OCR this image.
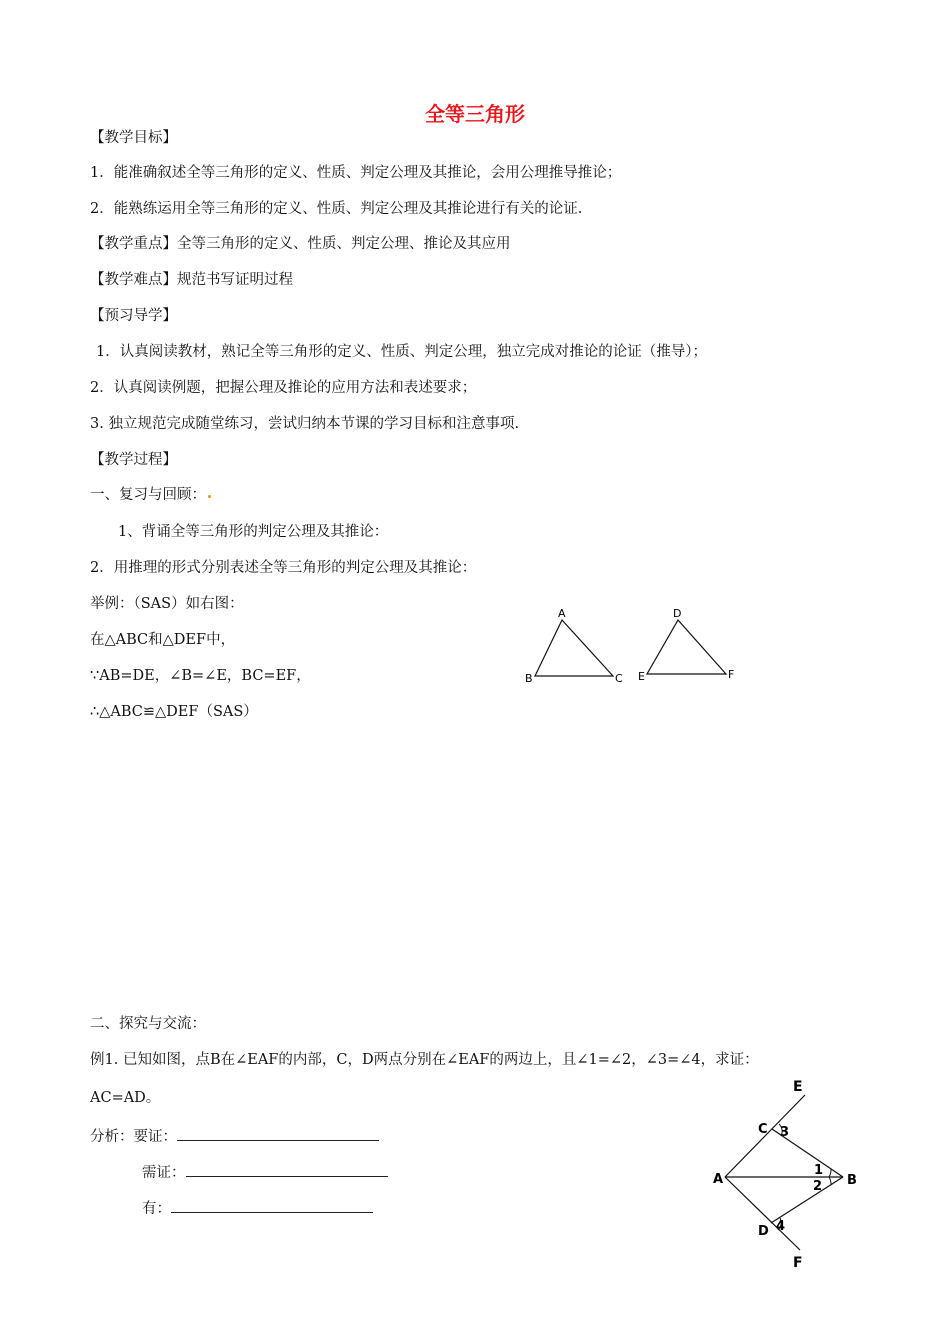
全等三角形
【教学目标】
1．能准确叙述全等三角形的定义、性质、判定公理及其推论，会用公理推导推论；
2．能熟练运用全等三角形的定义、性质、判定公理及其推论进行有关的论证.
【教学重点】全等三角形的定义、性质、判定公理、推论及其应用
【教学难点】规范书写证明过程
【预习导学】
1．认真阅读教材，熟记全等三角形的定义、性质、判定公理，独立完成对推论的论证（推导）；
2．认真阅读例题，把握公理及推论的应用方法和表述要求；
3. 独立规范完成随堂练习，尝试归纳本节课的学习目标和注意事项.
【教学过程】
一、复习与回顾：
1、背诵全等三角形的判定公理及其推论：
2．用推理的形式分别表述全等三角形的判定公理及其推论：
举例：（SAS）如右图：
在△ABC和△DEF中，
∵AB=DE，∠B=∠E，BC=EF，
∴△ABC≌△DEF（SAS）
A
B	C
D
E	F
二、探究与交流：
例1. 已知如图，点B在∠EAF的内部，C，D两点分别在∠EAF的两边上，且∠1=∠2，∠3=∠4，求证：
AC=AD。
分析：要证：
需证：
有：
E
C 3
A
1
2 B
D 4
F
